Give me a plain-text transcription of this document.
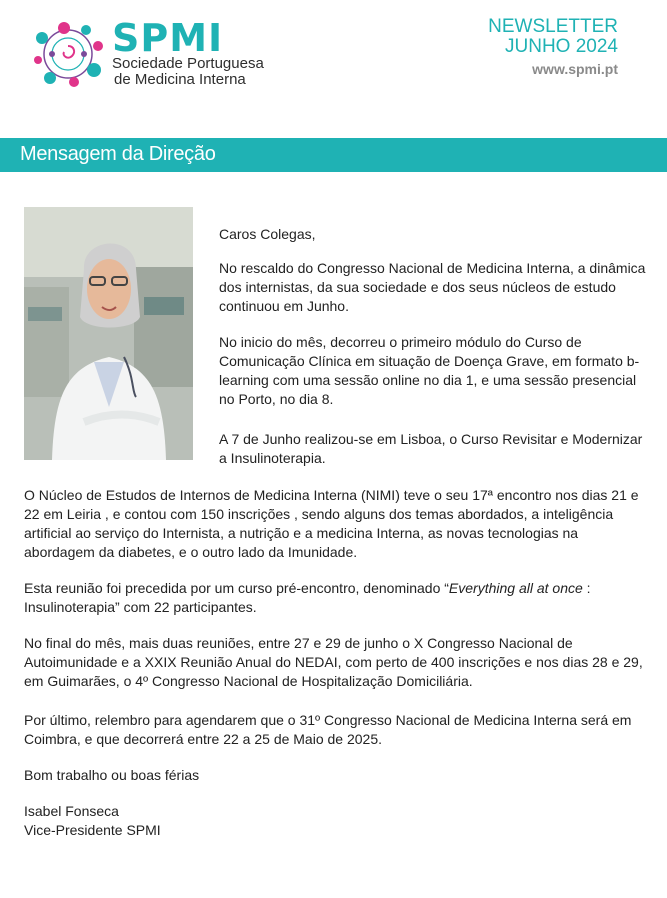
SPMI
Sociedade Portuguesa
de Medicina Interna
NEWSLETTER
JUNHO 2024
www.spmi.pt
Mensagem da Direção

Caros Colegas,

No rescaldo do Congresso Nacional de Medicina Interna, a dinâmica dos internistas, da sua sociedade e dos seus núcleos de estudo continuou em Junho.

No inicio do mês, decorreu o primeiro módulo do Curso de Comunicação Clínica em situação de Doença Grave, em formato b-learning com uma sessão online no dia 1, e uma sessão presencial no Porto, no dia 8.

A 7 de Junho realizou-se em Lisboa, o Curso Revisitar e Modernizar a Insulinoterapia.

O Núcleo de Estudos de Internos de Medicina Interna (NIMI) teve o seu 17ª encontro nos dias 21 e 22 em Leiria , e contou com 150 inscrições , sendo alguns dos temas abordados, a inteligência artificial ao serviço do Internista, a nutrição e a medicina Interna, as novas tecnologias na abordagem da diabetes, e o outro lado da Imunidade.

Esta reunião foi precedida por um curso pré-encontro, denominado “Everything all at once : Insulinoterapia” com 22 participantes.

No final do mês, mais duas reuniões, entre 27 e 29 de junho o X Congresso Nacional de Autoimunidade e a XXIX Reunião Anual do NEDAI, com perto de 400 inscrições e nos dias 28 e 29, em Guimarães, o 4º Congresso Nacional de Hospitalização Domiciliária.

Por último, relembro para agendarem que o 31º Congresso Nacional de Medicina Interna será em Coimbra, e que decorrerá entre 22 a 25 de Maio de 2025.

Bom trabalho ou boas férias

Isabel Fonseca

Vice-Presidente SPMI
